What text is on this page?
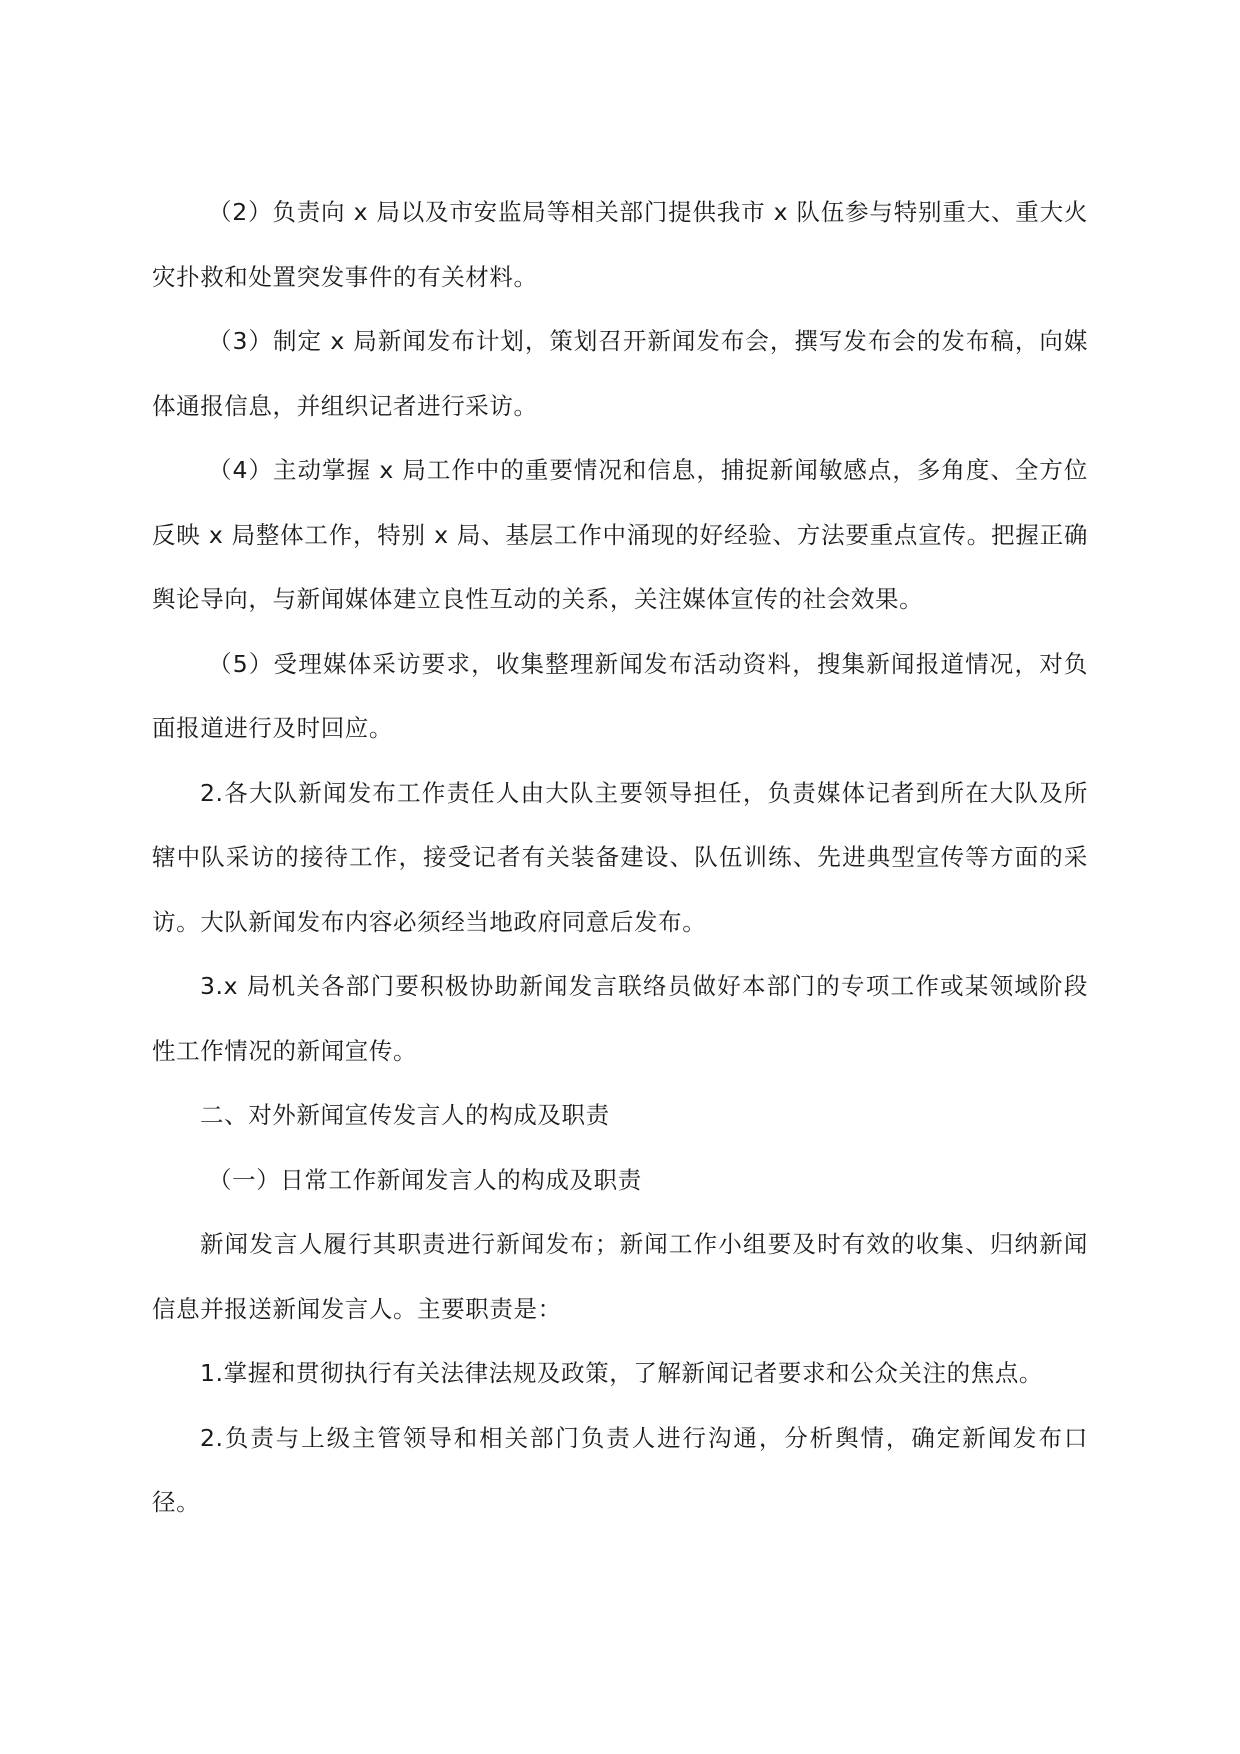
（2）负责向 x 局以及市安监局等相关部门提供我市 x 队伍参与特别重大、重大火灾扑救和处置突发事件的有关材料。

（3）制定 x 局新闻发布计划，策划召开新闻发布会，撰写发布会的发布稿，向媒体通报信息，并组织记者进行采访。

（4）主动掌握 x 局工作中的重要情况和信息，捕捉新闻敏感点，多角度、全方位反映 x 局整体工作，特别 x 局、基层工作中涌现的好经验、方法要重点宣传。把握正确舆论导向，与新闻媒体建立良性互动的关系，关注媒体宣传的社会效果。

（5）受理媒体采访要求，收集整理新闻发布活动资料，搜集新闻报道情况，对负面报道进行及时回应。

2.各大队新闻发布工作责任人由大队主要领导担任，负责媒体记者到所在大队及所辖中队采访的接待工作，接受记者有关装备建设、队伍训练、先进典型宣传等方面的采访。大队新闻发布内容必须经当地政府同意后发布。

3.x 局机关各部门要积极协助新闻发言联络员做好本部门的专项工作或某领域阶段性工作情况的新闻宣传。

二、对外新闻宣传发言人的构成及职责

（一）日常工作新闻发言人的构成及职责

新闻发言人履行其职责进行新闻发布；新闻工作小组要及时有效的收集、归纳新闻信息并报送新闻发言人。主要职责是：

1.掌握和贯彻执行有关法律法规及政策，了解新闻记者要求和公众关注的焦点。

2.负责与上级主管领导和相关部门负责人进行沟通，分析舆情，确定新闻发布口径。
